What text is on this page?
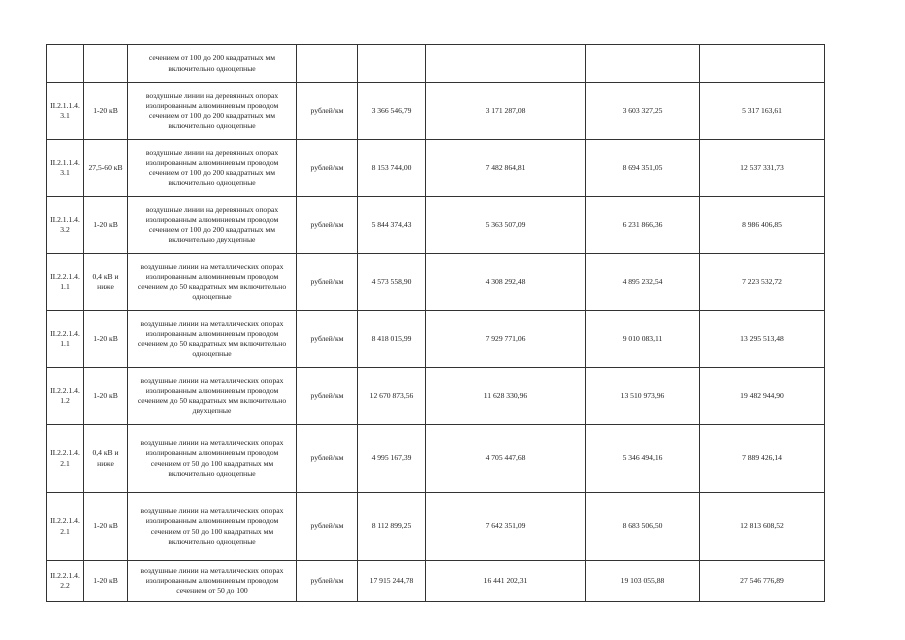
		сечением от 100 до 200 квадратных мм включительно одноцепные					

II.2.1.1.4.3.1	1-20 кВ	воздушные линии на деревянных опорах изолированным алюминиевым проводом сечением от 100 до 200 квадратных мм включительно одноцепные	рублей/км	3 366 546,79	3 171 287,08	3 603 327,25	5 317 163,61

II.2.1.1.4.3.1	27,5-60 кВ	воздушные линии на деревянных опорах изолированным алюминиевым проводом сечением от 100 до 200 квадратных мм включительно одноцепные	рублей/км	8 153 744,00	7 482 864,81	8 694 351,05	12 537 331,73

II.2.1.1.4.3.2	1-20 кВ	воздушные линии на деревянных опорах изолированным алюминиевым проводом сечением от 100 до 200 квадратных мм включительно двухцепные	рублей/км	5 844 374,43	5 363 507,09	6 231 866,36	8 986 406,85

II.2.2.1.4.1.1	0,4 кВ и ниже	воздушные линии на металлических опорах изолированным алюминиевым проводом сечением до 50 квадратных мм включительно одноцепные	рублей/км	4 573 558,90	4 308 292,48	4 895 232,54	7 223 532,72

II.2.2.1.4.1.1	1-20 кВ	воздушные линии на металлических опорах изолированным алюминиевым проводом сечением до 50 квадратных мм включительно одноцепные	рублей/км	8 418 015,99	7 929 771,06	9 010 083,11	13 295 513,48

II.2.2.1.4.1.2	1-20 кВ	воздушные линии на металлических опорах изолированным алюминиевым проводом сечением до 50 квадратных мм включительно двухцепные	рублей/км	12 670 873,56	11 628 330,96	13 510 973,96	19 482 944,90

II.2.2.1.4.2.1	0,4 кВ и ниже	воздушные линии на металлических опорах изолированным алюминиевым проводом сечением от 50 до 100 квадратных мм включительно одноцепные	рублей/км	4 995 167,39	4 705 447,68	5 346 494,16	7 889 426,14

II.2.2.1.4.2.1	1-20 кВ	воздушные линии на металлических опорах изолированным алюминиевым проводом сечением от 50 до 100 квадратных мм включительно одноцепные	рублей/км	8 112 899,25	7 642 351,09	8 683 506,50	12 813 608,52

II.2.2.1.4.2.2	1-20 кВ	воздушные линии на металлических опорах изолированным алюминиевым проводом сечением от 50 до 100	рублей/км	17 915 244,78	16 441 202,31	19 103 055,88	27 546 776,89
